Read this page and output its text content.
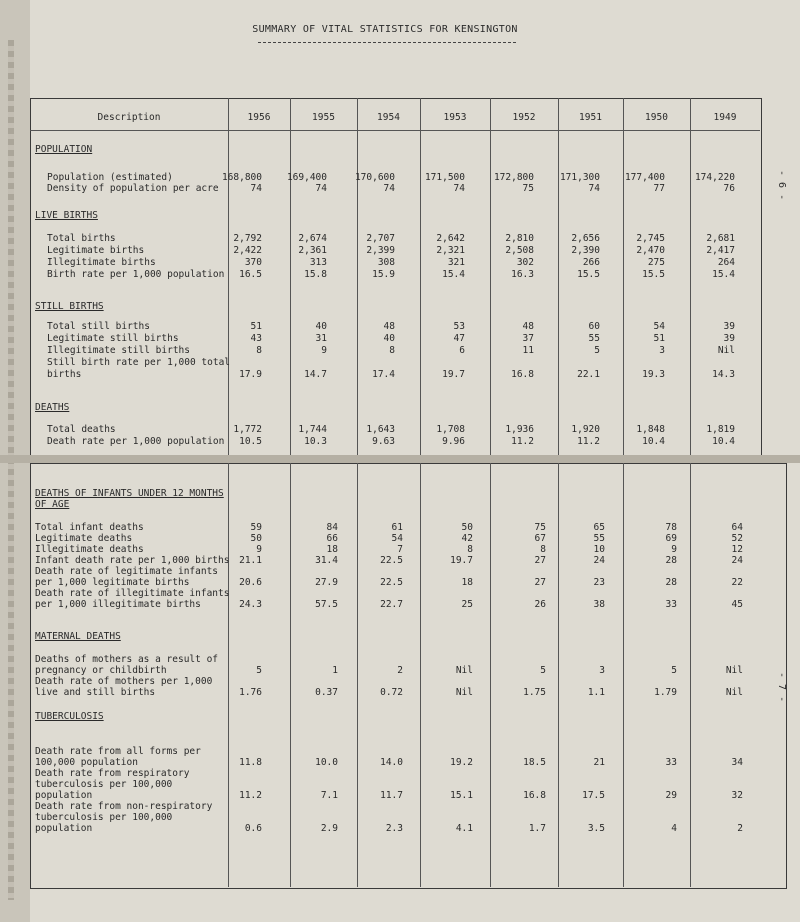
SUMMARY OF VITAL STATISTICS FOR KENSINGTON
Description	1956	1955	1954	1953	1952	1951	1950	1949
POPULATION
Population (estimated)	168,800	169,400	170,600	171,500	172,800	171,300	177,400	174,220
Density of population per acre	74	74	74	74	75	74	77	76
LIVE BIRTHS
Total births	2,792	2,674	2,707	2,642	2,810	2,656	2,745	2,681
Legitimate births	2,422	2,361	2,399	2,321	2,508	2,390	2,470	2,417
Illegitimate births	370	313	308	321	302	266	275	264
Birth rate per 1,000 population	16.5	15.8	15.9	15.4	16.3	15.5	15.5	15.4
STILL BIRTHS
Total still births	51	40	48	53	48	60	54	39
Legitimate still births	43	31	40	47	37	55	51	39
Illegitimate still births	8	9	8	6	11	5	3	Nil
Still birth rate per 1,000 total
births	17.9	14.7	17.4	19.7	16.8	22.1	19.3	14.3
DEATHS
Total deaths	1,772	1,744	1,643	1,708	1,936	1,920	1,848	1,819
Death rate per 1,000 population	10.5	10.3	9.63	9.96	11.2	11.2	10.4	10.4
DEATHS OF INFANTS UNDER 12 MONTHS
OF AGE
Total infant deaths	59	84	61	50	75	65	78	64
Legitimate deaths	50	66	54	42	67	55	69	52
Illegitimate deaths	9	18	7	8	8	10	9	12
Infant death rate per 1,000 births	21.1	31.4	22.5	19.7	27	24	28	24
Death rate of legitimate infants
per 1,000 legitimate births	20.6	27.9	22.5	18	27	23	28	22
Death rate of illegitimate infants
per 1,000 illegitimate births	24.3	57.5	22.7	25	26	38	33	45
MATERNAL DEATHS
Deaths of mothers as a result of
pregnancy or childbirth	5	1	2	Nil	5	3	5	Nil
Death rate of mothers per 1,000
live and still births	1.76	0.37	0.72	Nil	1.75	1.1	1.79	Nil
TUBERCULOSIS
Death rate from all forms per
100,000 population	11.8	10.0	14.0	19.2	18.5	21	33	34
Death rate from respiratory
tuberculosis per 100,000
population	11.2	7.1	11.7	15.1	16.8	17.5	29	32
Death rate from non-respiratory
tuberculosis per 100,000
population	0.6	2.9	2.3	4.1	1.7	3.5	4	2
- 6 -
- 7 -
